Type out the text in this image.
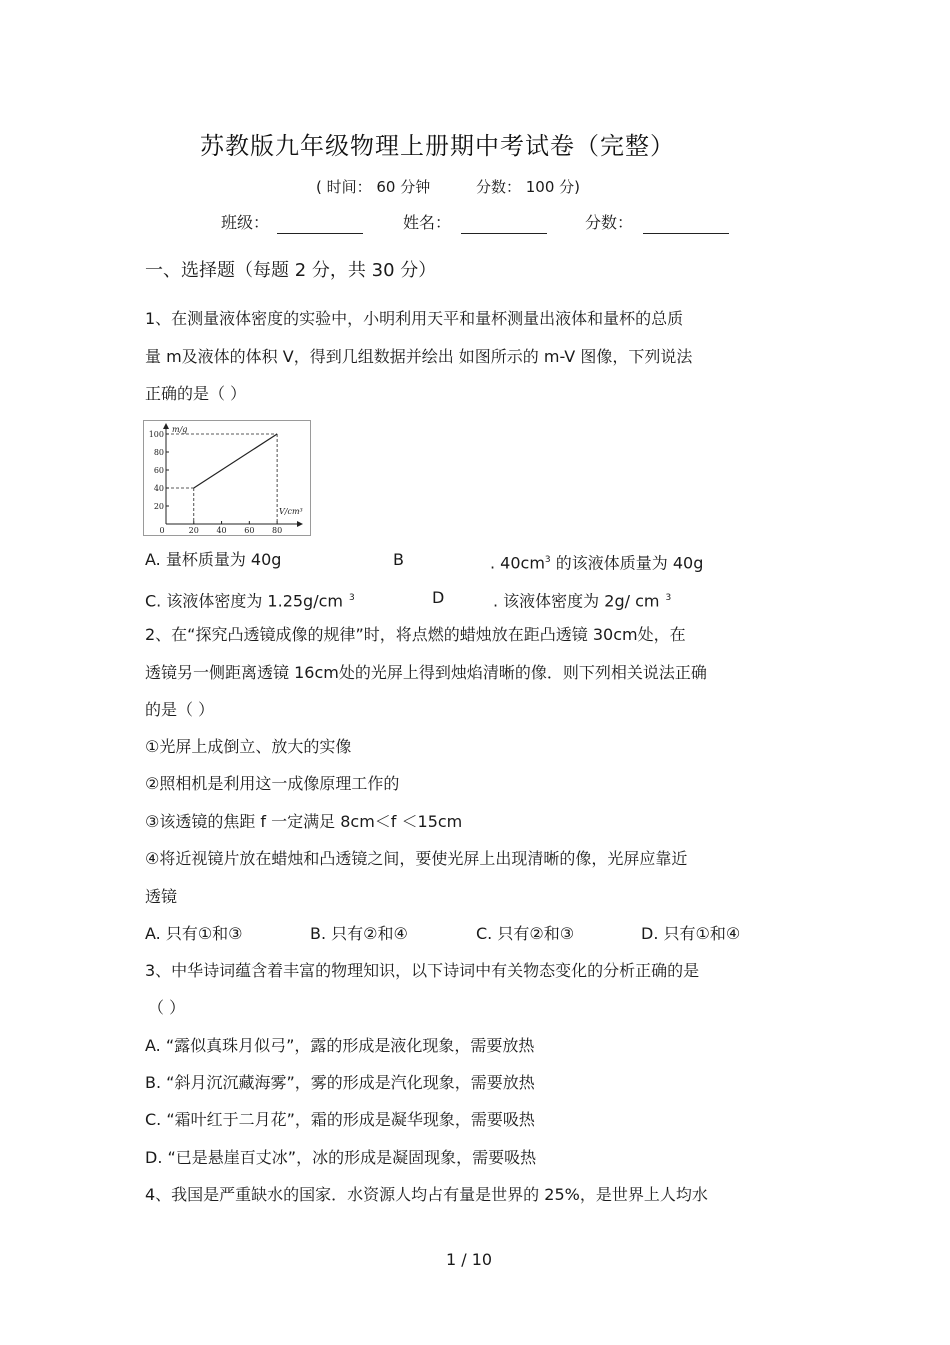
苏教版九年级物理上册期中考试卷（完整）
( 时间： 60 分钟	分数： 100 分)
班级：	姓名：	分数：
一、选择题（每题 2 分，共 30 分）
1、在测量液体密度的实验中，小明利用天平和量杯测量出液体和量杯的总质
量 m及液体的体积 V，得到几组数据并绘出 如图所示的 m-V 图像，下列说法
正确的是（ ）
m/g
V/cm³
0	20 40 60 80
20
40
60
80
100
A. 量杯质量为 40g	B	. $40cm^3$ 的该液体质量为 40g
C. 该液体密度为 1.25g/cm $^3$	D	. 该液体密度为 2g/ cm $^3$
2、在“探究凸透镜成像的规律”时，将点燃的蜡烛放在距凸透镜 30cm处，在
透镜另一侧距离透镜 16cm处的光屏上得到烛焰清晰的像．则下列相关说法正确
的是（ ）
①光屏上成倒立、放大的实像
②照相机是利用这一成像原理工作的
③该透镜的焦距 f 一定满足 8cm＜f ＜15cm
④将近视镜片放在蜡烛和凸透镜之间，要使光屏上出现清晰的像，光屏应靠近
透镜
A. 只有①和③	B. 只有②和④	C. 只有②和③	D. 只有①和④
3、中华诗词蕴含着丰富的物理知识，以下诗词中有关物态变化的分析正确的是
（ ）
A. “露似真珠月似弓”，露的形成是液化现象，需要放热
B. “斜月沉沉藏海雾”，雾的形成是汽化现象，需要放热
C. “霜叶红于二月花”，霜的形成是凝华现象，需要吸热
D. “已是悬崖百丈冰”，冰的形成是凝固现象，需要吸热
4、我国是严重缺水的国家．水资源人均占有量是世界的 25%，是世界上人均水
1 / 10
